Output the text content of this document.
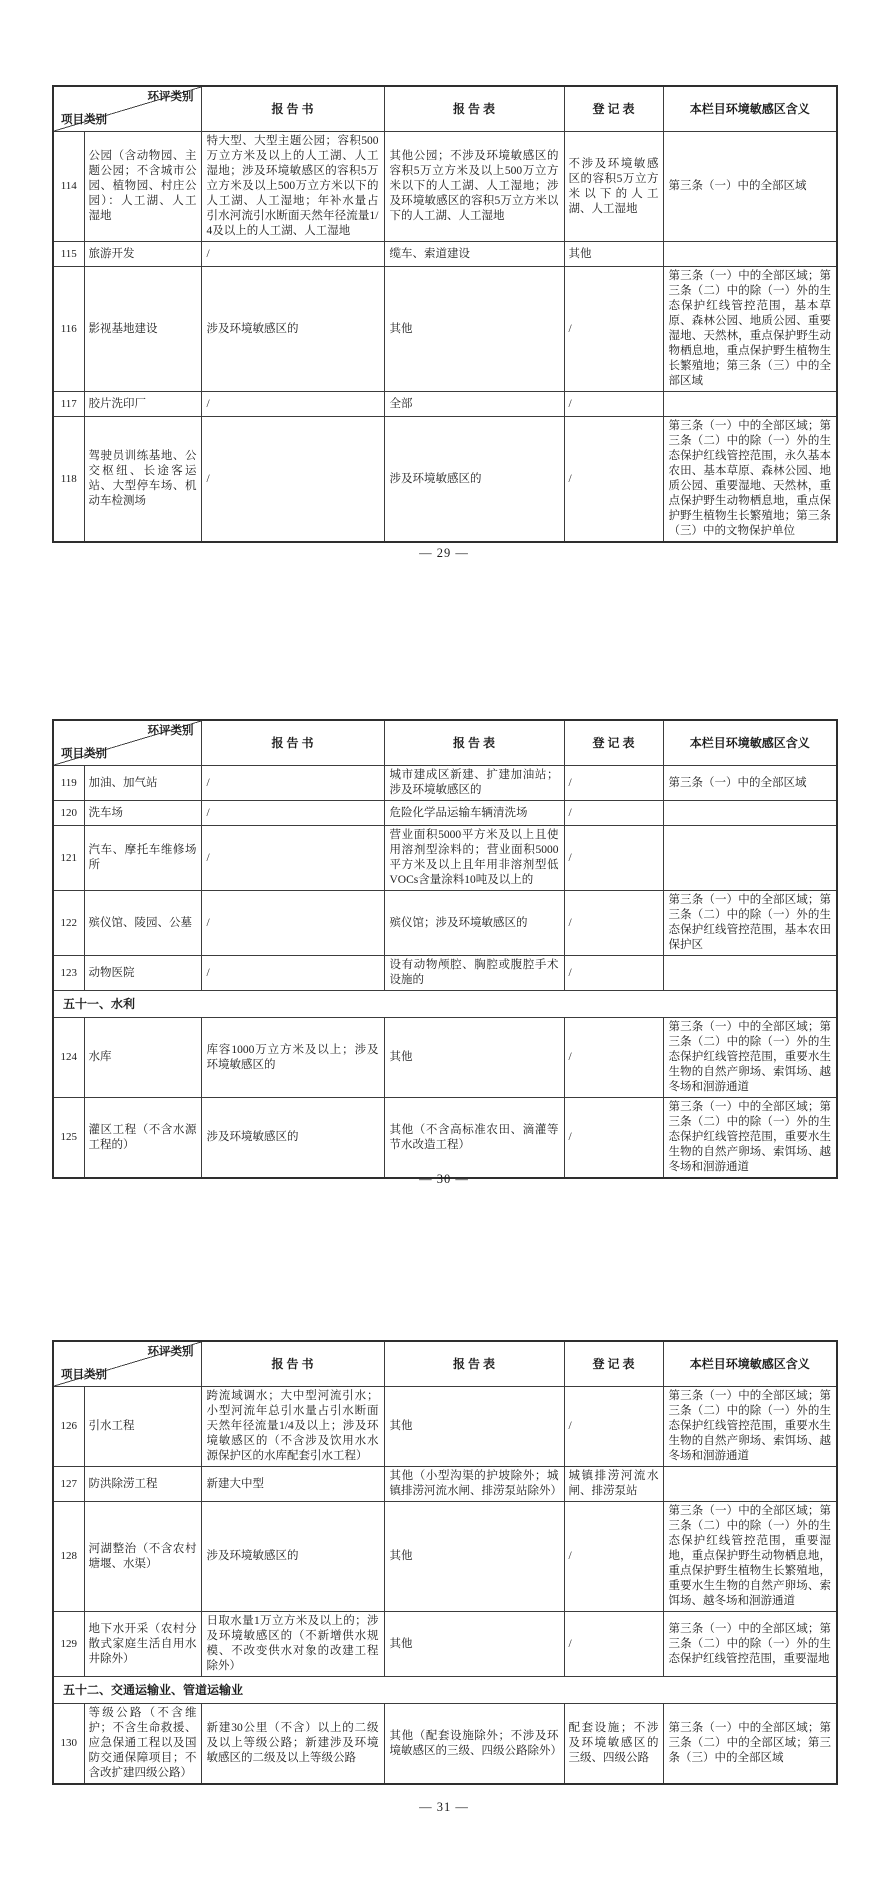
环评类别
项目类别		报 告 书	报 告 表	登 记 表	本栏目环境敏感区含义
114	公园（含动物园、主题公园；不含城市公园、植物园、村庄公园）：人工湖、人工湿地	特大型、大型主题公园；容积500万立方米及以上的人工湖、人工湿地；涉及环境敏感区的容积5万立方米及以上500万立方米以下的人工湖、人工湿地；年补水量占引水河流引水断面天然年径流量1/4及以上的人工湖、人工湿地	其他公园；不涉及环境敏感区的容积5万立方米及以上500万立方米以下的人工湖、人工湿地；涉及环境敏感区的容积5万立方米以下的人工湖、人工湿地	不涉及环境敏感区的容积5万立方米以下的人工湖、人工湿地	第三条（一）中的全部区域
115	旅游开发	/	缆车、索道建设	其他	
116	影视基地建设	涉及环境敏感区的	其他	/	第三条（一）中的全部区域；第三条（二）中的除（一）外的生态保护红线管控范围，基本草原、森林公园、地质公园、重要湿地、天然林，重点保护野生动物栖息地，重点保护野生植物生长繁殖地；第三条（三）中的全部区域
117	胶片洗印厂	/	全部	/	
118	驾驶员训练基地、公交枢纽、长途客运站、大型停车场、机动车检测场	/	涉及环境敏感区的	/	第三条（一）中的全部区域；第三条（二）中的除（一）外的生态保护红线管控范围，永久基本农田、基本草原、森林公园、地质公园、重要湿地、天然林，重点保护野生动物栖息地，重点保护野生植物生长繁殖地；第三条（三）中的文物保护单位
— 29 —
环评类别
项目类别		报 告 书	报 告 表	登 记 表	本栏目环境敏感区含义
119	加油、加气站	/	城市建成区新建、扩建加油站；涉及环境敏感区的	/	第三条（一）中的全部区域
120	洗车场	/	危险化学品运输车辆清洗场	/	
121	汽车、摩托车维修场所	/	营业面积5000平方米及以上且使用溶剂型涂料的；营业面积5000平方米及以上且年用非溶剂型低VOCs含量涂料10吨及以上的	/	
122	殡仪馆、陵园、公墓	/	殡仪馆；涉及环境敏感区的	/	第三条（一）中的全部区域；第三条（二）中的除（一）外的生态保护红线管控范围，基本农田保护区
123	动物医院	/	设有动物颅腔、胸腔或腹腔手术设施的	/	
五十一、水利					
124	水库	库容1000万立方米及以上；涉及环境敏感区的	其他	/	第三条（一）中的全部区域；第三条（二）中的除（一）外的生态保护红线管控范围，重要水生生物的自然产卵场、索饵场、越冬场和洄游通道
125	灌区工程（不含水源工程的）	涉及环境敏感区的	其他（不含高标准农田、滴灌等节水改造工程）	/	第三条（一）中的全部区域；第三条（二）中的除（一）外的生态保护红线管控范围，重要水生生物的自然产卵场、索饵场、越冬场和洄游通道
— 30 —
环评类别
项目类别		报 告 书	报 告 表	登 记 表	本栏目环境敏感区含义
126	引水工程	跨流域调水；大中型河流引水；小型河流年总引水量占引水断面天然年径流量1/4及以上；涉及环境敏感区的（不含涉及饮用水水源保护区的水库配套引水工程）	其他	/	第三条（一）中的全部区域；第三条（二）中的除（一）外的生态保护红线管控范围，重要水生生物的自然产卵场、索饵场、越冬场和洄游通道
127	防洪除涝工程	新建大中型	其他（小型沟渠的护坡除外；城镇排涝河流水闸、排涝泵站除外）	城镇排涝河流水闸、排涝泵站	
128	河湖整治（不含农村塘堰、水渠）	涉及环境敏感区的	其他	/	第三条（一）中的全部区域；第三条（二）中的除（一）外的生态保护红线管控范围，重要湿地，重点保护野生动物栖息地，重点保护野生植物生长繁殖地，重要水生生物的自然产卵场、索饵场、越冬场和洄游通道
129	地下水开采（农村分散式家庭生活自用水井除外）	日取水量1万立方米及以上的；涉及环境敏感区的（不新增供水规模、不改变供水对象的改建工程除外）	其他	/	第三条（一）中的全部区域；第三条（二）中的除（一）外的生态保护红线管控范围，重要湿地
五十二、交通运输业、管道运输业					
130	等级公路（不含维护；不含生命救援、应急保通工程以及国防交通保障项目；不含改扩建四级公路）	新建30公里（不含）以上的二级及以上等级公路；新建涉及环境敏感区的二级及以上等级公路	其他（配套设施除外；不涉及环境敏感区的三级、四级公路除外）	配套设施；不涉及环境敏感区的三级、四级公路	第三条（一）中的全部区域；第三条（二）中的全部区域；第三条（三）中的全部区域
— 31 —
